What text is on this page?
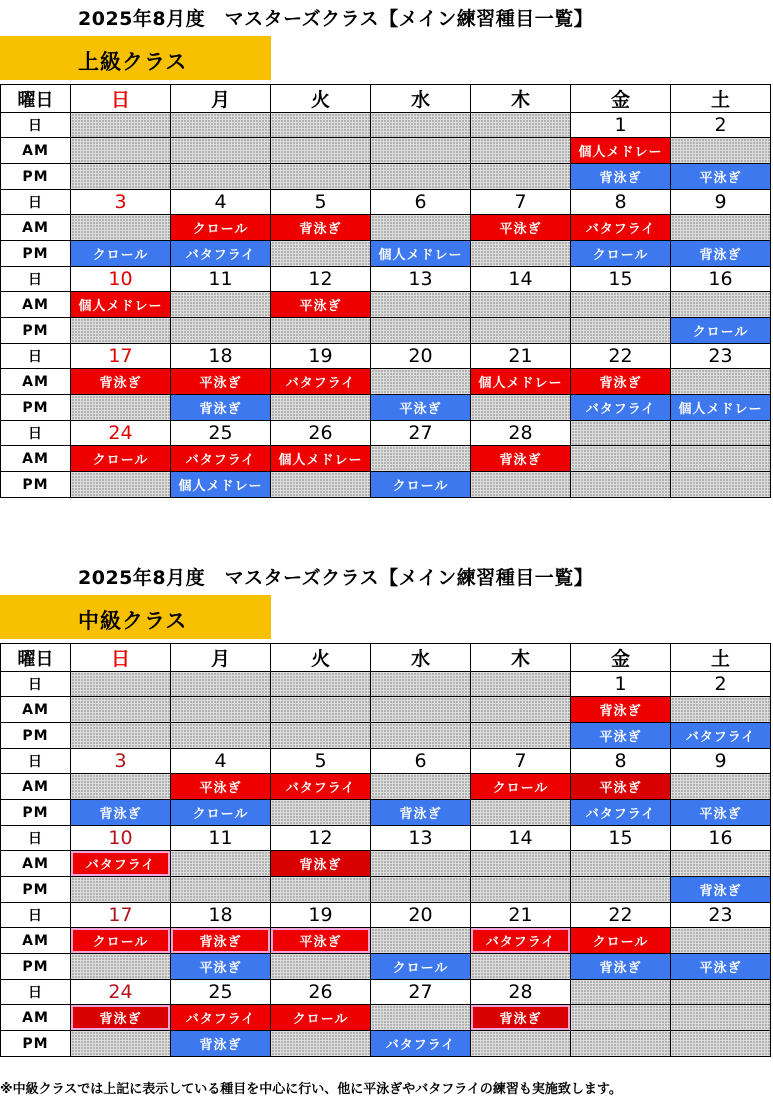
2025年8月度　マスターズクラス【メイン練習種目一覧】
上級クラス
曜日	日	月	火	水	木	金	土
日						1	2
AM						個人メドレー	
PM						背泳ぎ	平泳ぎ
日	3	4	5	6	7	8	9
AM		クロール	背泳ぎ		平泳ぎ	バタフライ	
PM	クロール	バタフライ		個人メドレー		クロール	背泳ぎ
日	10	11	12	13	14	15	16
AM	個人メドレー		平泳ぎ				
PM							クロール
日	17	18	19	20	21	22	23
AM	背泳ぎ	平泳ぎ	バタフライ		個人メドレー	背泳ぎ	
PM		背泳ぎ		平泳ぎ		バタフライ	個人メドレー
日	24	25	26	27	28		
AM	クロール	バタフライ	個人メドレー		背泳ぎ		
PM		個人メドレー		クロール			
2025年8月度　マスターズクラス【メイン練習種目一覧】
中級クラス
曜日	日	月	火	水	木	金	土
日						1	2
AM						背泳ぎ	
PM						平泳ぎ	バタフライ
日	3	4	5	6	7	8	9
AM		平泳ぎ	バタフライ		クロール	平泳ぎ	
PM	背泳ぎ	クロール		背泳ぎ		バタフライ	平泳ぎ
日	10	11	12	13	14	15	16
AM	バタフライ		背泳ぎ				
PM							背泳ぎ
日	17	18	19	20	21	22	23
AM	クロール	背泳ぎ	平泳ぎ		バタフライ	クロール	
PM		平泳ぎ		クロール		背泳ぎ	平泳ぎ
日	24	25	26	27	28		
AM	背泳ぎ	バタフライ	クロール		背泳ぎ		
PM		背泳ぎ		バタフライ			
※中級クラスでは上記に表示している種目を中心に行い、他に平泳ぎやバタフライの練習も実施致します。
